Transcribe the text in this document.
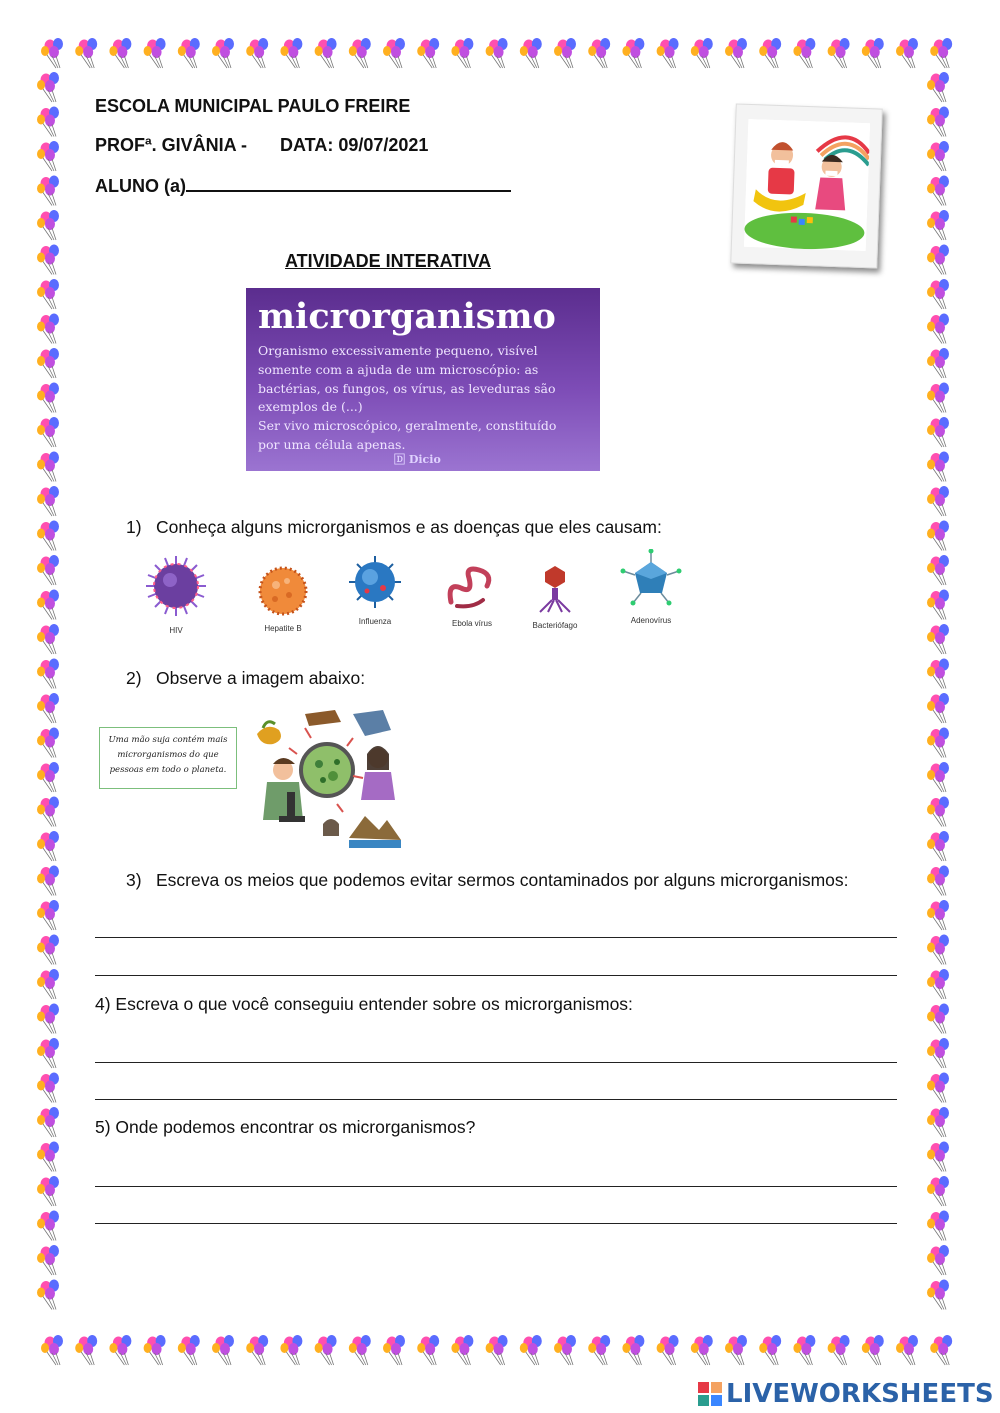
ESCOLA MUNICIPAL PAULO FREIRE
PROFª. GIVÂNIA - DATA: 09/07/2021
ALUNO (a)
ATIVIDADE INTERATIVA
microrganismo
Organismo excessivamente pequeno, visível
somente com a ajuda de um microscópio: as
bactérias, os fungos, os vírus, as leveduras são
exemplos de (...)
Ser vivo microscópico, geralmente, constituído
por uma célula apenas.
🄳 Dicio
1) Conheça alguns microrganismos e as doenças que eles causam:
HIV	Hepatite B
Influenza	Ebola vírus	Bacteriófago
Adenovírus
2) Observe a imagem abaixo:
Uma mão suja contém mais microrganismos do que pessoas em todo o planeta.
3) Escreva os meios que podemos evitar sermos contaminados por alguns microrganismos:
4) Escreva o que você conseguiu entender sobre os microrganismos:
5) Onde podemos encontrar os microrganismos?
LIVEWORKSHEETS
